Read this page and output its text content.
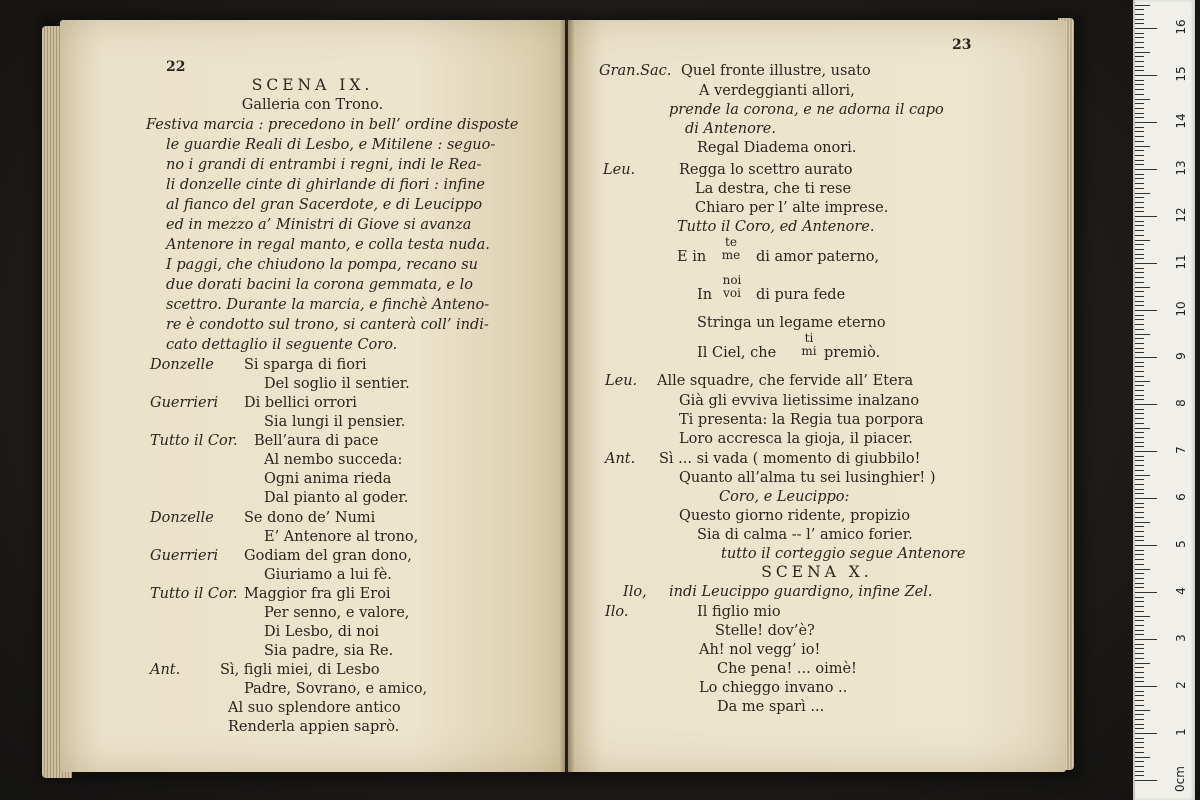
22
SCENA IX.
Galleria con Trono.
Festiva marcia : precedono in bell’ ordine disposte
le guardie Reali di Lesbo, e Mitilene : seguo-
no i grandi di entrambi i regni, indi le Rea-
li donzelle cinte di ghirlande di fiori : infine
al fianco del gran Sacerdote, e di Leucippo
ed in mezzo a’ Ministri di Giove si avanza
Antenore in regal manto, e colla testa nuda.
I paggi, che chiudono la pompa, recano su
due dorati bacini la corona gemmata, e lo
scettro. Durante la marcia, e finchè Anteno-
re è condotto sul trono, si canterà coll’ indi-
cato dettaglio il seguente Coro.
Donzelle Si sparga di fiori
Del soglio il sentier.
Guerrieri Di bellici orrori
Sia lungi il pensier.
Tutto il Cor. Bell’aura di pace
Al nembo succeda:
Ogni anima rieda
Dal pianto al goder.
Donzelle Se dono de’ Numi
E’ Antenore al trono,
Guerrieri Godiam del gran dono,
Giuriamo a lui fè.
Tutto il Cor. Maggior fra gli Eroi
Per senno, e valore,
Di Lesbo, di noi
Sia padre, sia Re.
Ant.	Sì, figli miei, di Lesbo
Padre, Sovrano, e amico,
Al suo splendore antico
Renderla appien saprò.
23
Gran.Sac. Quel fronte illustre, usato
A verdeggianti allori,
prende la corona, e ne adorna il capo
di Antenore.
Regal Diadema onori.
Leu.	Regga lo scettro aurato
La destra, che ti rese
Chiaro per l’ alte imprese.
Tutto il Coro, ed Antenore.
E in
te
me di amor paterno,
In
noi
voi di pura fede
Stringa un legame eterno
Il Ciel, che
ti
mi premiò.
Leu. Alle squadre, che fervide all’ Etera
Già gli evviva lietissime inalzano
Ti presenta: la Regia tua porpora
Loro accresca la gioja, il piacer.
Ant. Sì ... si vada ( momento di giubbilo!
Quanto all’alma tu sei lusinghier! )
Coro, e Leucippo:
Questo giorno ridente, propizio
Sia di calma -- l’ amico forier.
tutto il corteggio segue Antenore
SCENA X.
Ilo, indi Leucippo guardigno, infine Zel.
Ilo.	Il figlio mio
Stelle! dov’è?
Ah! nol vegg’ io!
Che pena! ... oimè!
Lo chieggo invano ..
Da me sparì ...
0cm
1
2
3
4
5
6
7
8
9
10
11
12
13
14
15
16
